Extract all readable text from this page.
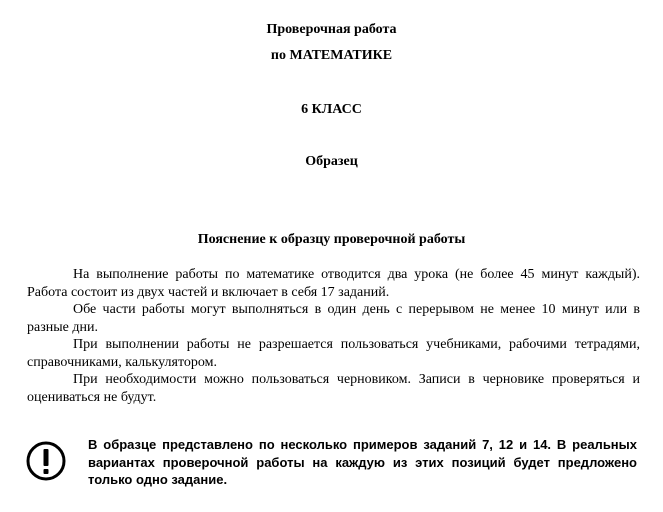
Проверочная работа
по МАТЕМАТИКЕ
6 КЛАСС
Образец
Пояснение к образцу проверочной работы
На выполнение работы по математике отводится два урока (не более 45 минут каждый). Работа состоит из двух частей и включает в себя 17 заданий.
Обе части работы могут выполняться в один день с перерывом не менее 10 минут или в разные дни.
При выполнении работы не разрешается пользоваться учебниками, рабочими тетрадями, справочниками, калькулятором.
При необходимости можно пользоваться черновиком. Записи в черновике проверяться и оцениваться не будут.
В образце представлено по несколько примеров заданий 7, 12 и 14. В реальных вариантах проверочной работы на каждую из этих позиций будет предложено только одно задание.
